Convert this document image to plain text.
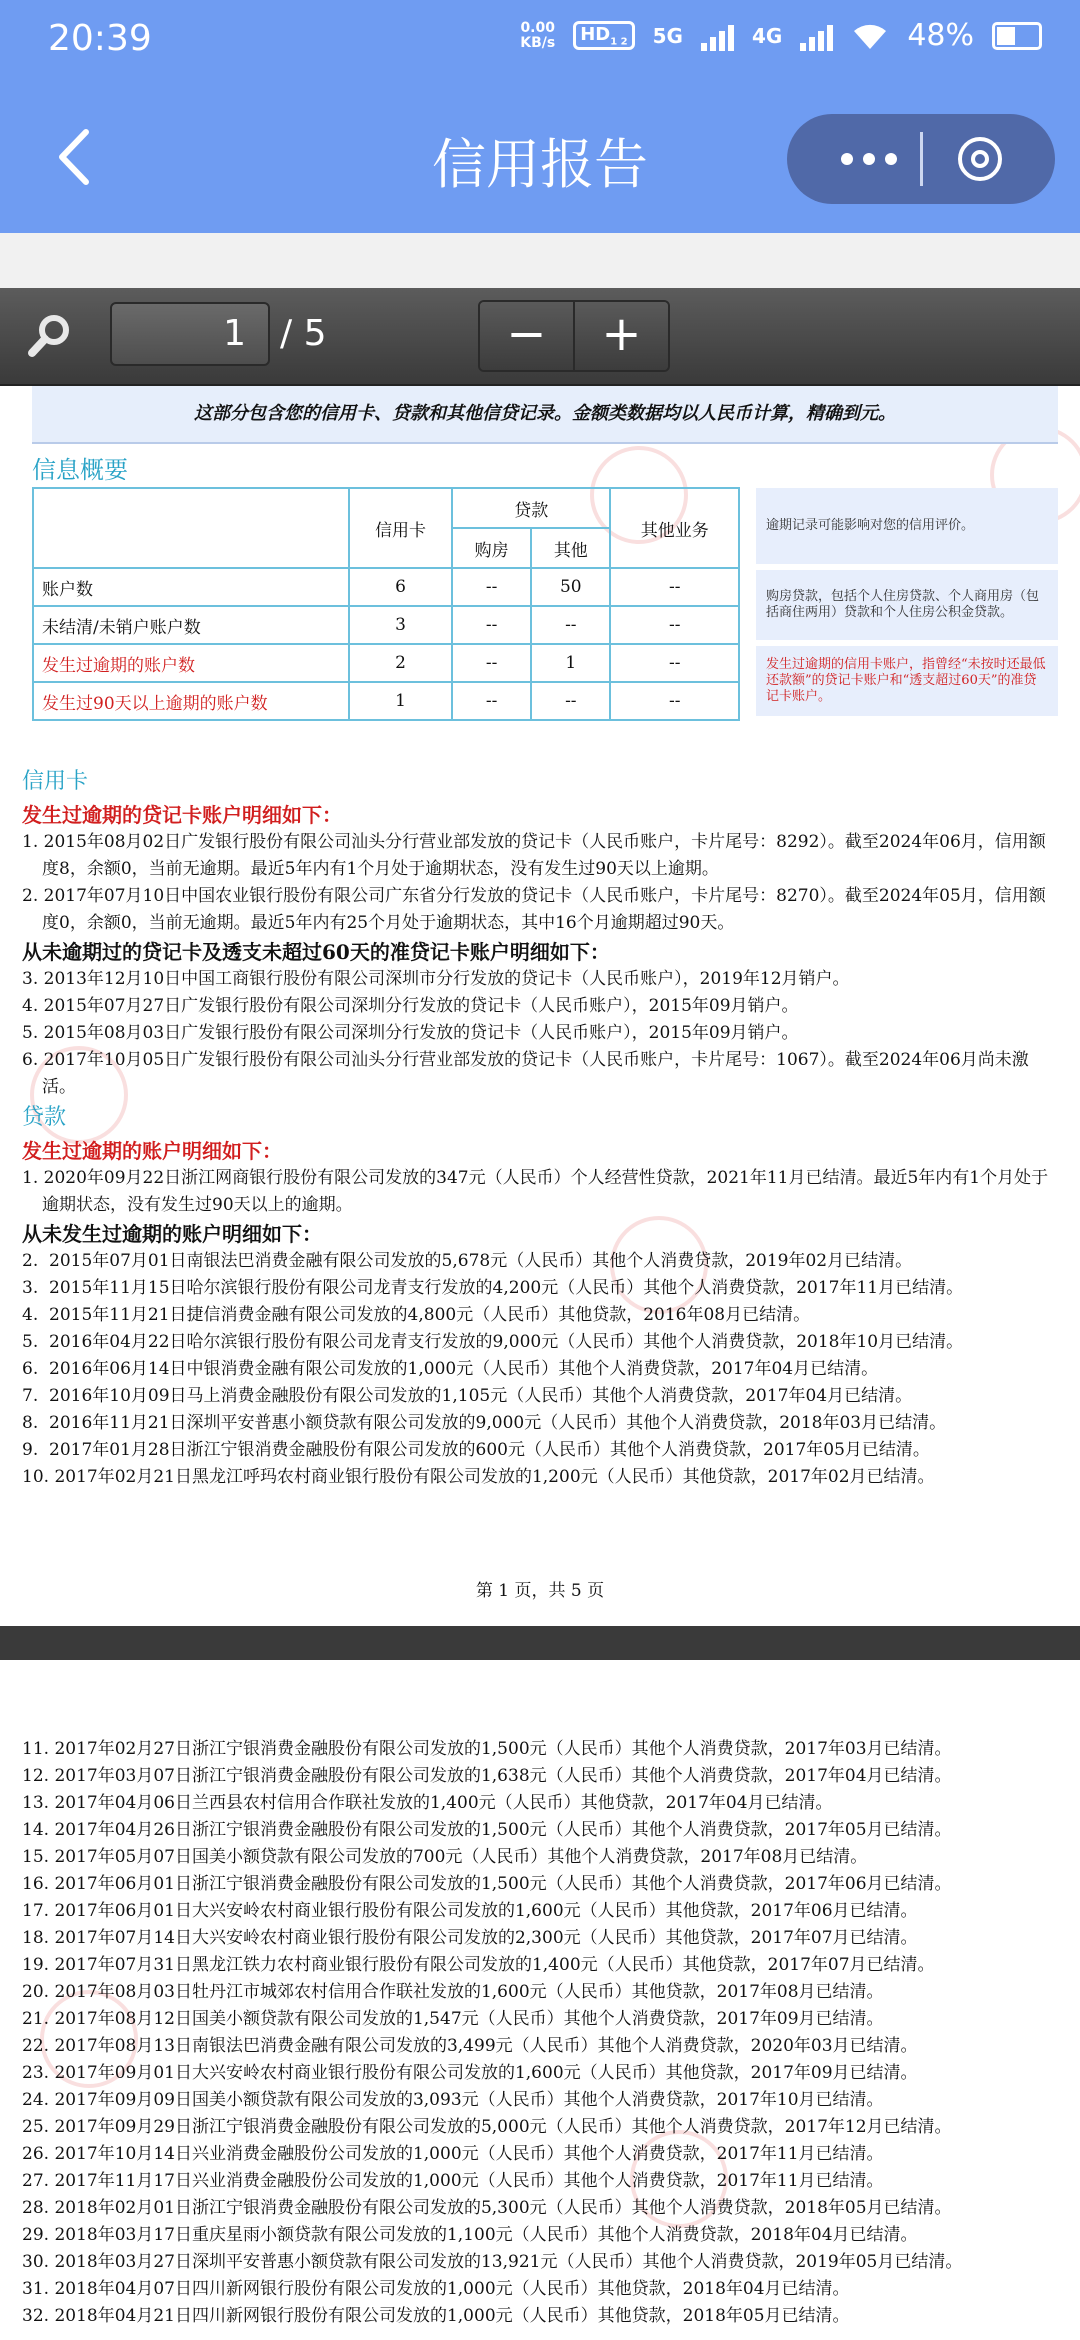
20:39	0.00
KB/s	$HD_{1 2}$	5G	4G	48%
信用报告
1 / 5	−	+
这部分包含您的信用卡、贷款和其他信贷记录。金额类数据均以人民币计算，精确到元。
信息概要
	信用卡	贷款		其他业务
		购房	其他	
账户数	6	--	50	--
未结清/未销户账户数	3	--	--	--
发生过逾期的账户数	2	--	1	--
发生过90天以上逾期的账户数	1	--	--	--
逾期记录可能影响对您的信用评价。
购房贷款，包括个人住房贷款、个人商用房（包括商住两用）贷款和个人住房公积金贷款。
发生过逾期的信用卡账户，指曾经“未按时还最低还款额”的贷记卡账户和“透支超过60天”的准贷记卡账户。
信用卡
发生过逾期的贷记卡账户明细如下：

1. 2015年08月02日广发银行股份有限公司汕头分行营业部发放的贷记卡（人民币账户，卡片尾号：8292）。截至2024年06月，信用额度8，余额0，当前无逾期。最近5年内有1个月处于逾期状态，没有发生过90天以上逾期。

2. 2017年07月10日中国农业银行股份有限公司广东省分行发放的贷记卡（人民币账户，卡片尾号：8270）。截至2024年05月，信用额度0，余额0，当前无逾期。最近5年内有25个月处于逾期状态，其中16个月逾期超过90天。

从未逾期过的贷记卡及透支未超过60天的准贷记卡账户明细如下：

3. 2013年12月10日中国工商银行股份有限公司深圳市分行发放的贷记卡（人民币账户），2019年12月销户。

4. 2015年07月27日广发银行股份有限公司深圳分行发放的贷记卡（人民币账户），2015年09月销户。

5. 2015年08月03日广发银行股份有限公司深圳分行发放的贷记卡（人民币账户），2015年09月销户。

6. 2017年10月05日广发银行股份有限公司汕头分行营业部发放的贷记卡（人民币账户，卡片尾号：1067）。截至2024年06月尚未激活。

贷款
发生过逾期的账户明细如下：

1. 2020年09月22日浙江网商银行股份有限公司发放的347元（人民币）个人经营性贷款，2021年11月已结清。最近5年内有1个月处于逾期状态，没有发生过90天以上的逾期。

从未发生过逾期的账户明细如下：

2.  2015年07月01日南银法巴消费金融有限公司发放的5,678元（人民币）其他个人消费贷款，2019年02月已结清。

3.  2015年11月15日哈尔滨银行股份有限公司龙青支行发放的4,200元（人民币）其他个人消费贷款，2017年11月已结清。

4.  2015年11月21日捷信消费金融有限公司发放的4,800元（人民币）其他贷款，2016年08月已结清。

5.  2016年04月22日哈尔滨银行股份有限公司龙青支行发放的9,000元（人民币）其他个人消费贷款，2018年10月已结清。

6.  2016年06月14日中银消费金融有限公司发放的1,000元（人民币）其他个人消费贷款，2017年04月已结清。

7.  2016年10月09日马上消费金融股份有限公司发放的1,105元（人民币）其他个人消费贷款，2017年04月已结清。

8.  2016年11月21日深圳平安普惠小额贷款有限公司发放的9,000元（人民币）其他个人消费贷款，2018年03月已结清。

9.  2017年01月28日浙江宁银消费金融股份有限公司发放的600元（人民币）其他个人消费贷款，2017年05月已结清。

10. 2017年02月21日黑龙江呼玛农村商业银行股份有限公司发放的1,200元（人民币）其他贷款，2017年02月已结清。

第 1 页，共 5 页

11. 2017年02月27日浙江宁银消费金融股份有限公司发放的1,500元（人民币）其他个人消费贷款，2017年03月已结清。

12. 2017年03月07日浙江宁银消费金融股份有限公司发放的1,638元（人民币）其他个人消费贷款，2017年04月已结清。

13. 2017年04月06日兰西县农村信用合作联社发放的1,400元（人民币）其他贷款，2017年04月已结清。

14. 2017年04月26日浙江宁银消费金融股份有限公司发放的1,500元（人民币）其他个人消费贷款，2017年05月已结清。

15. 2017年05月07日国美小额贷款有限公司发放的700元（人民币）其他个人消费贷款，2017年08月已结清。

16. 2017年06月01日浙江宁银消费金融股份有限公司发放的1,500元（人民币）其他个人消费贷款，2017年06月已结清。

17. 2017年06月01日大兴安岭农村商业银行股份有限公司发放的1,600元（人民币）其他贷款，2017年06月已结清。

18. 2017年07月14日大兴安岭农村商业银行股份有限公司发放的2,300元（人民币）其他贷款，2017年07月已结清。

19. 2017年07月31日黑龙江铁力农村商业银行股份有限公司发放的1,400元（人民币）其他贷款，2017年07月已结清。

20. 2017年08月03日牡丹江市城郊农村信用合作联社发放的1,600元（人民币）其他贷款，2017年08月已结清。

21. 2017年08月12日国美小额贷款有限公司发放的1,547元（人民币）其他个人消费贷款，2017年09月已结清。

22. 2017年08月13日南银法巴消费金融有限公司发放的3,499元（人民币）其他个人消费贷款，2020年03月已结清。

23. 2017年09月01日大兴安岭农村商业银行股份有限公司发放的1,600元（人民币）其他贷款，2017年09月已结清。

24. 2017年09月09日国美小额贷款有限公司发放的3,093元（人民币）其他个人消费贷款，2017年10月已结清。

25. 2017年09月29日浙江宁银消费金融股份有限公司发放的5,000元（人民币）其他个人消费贷款，2017年12月已结清。

26. 2017年10月14日兴业消费金融股份公司发放的1,000元（人民币）其他个人消费贷款，2017年11月已结清。

27. 2017年11月17日兴业消费金融股份公司发放的1,000元（人民币）其他个人消费贷款，2017年11月已结清。

28. 2018年02月01日浙江宁银消费金融股份有限公司发放的5,300元（人民币）其他个人消费贷款，2018年05月已结清。

29. 2018年03月17日重庆星雨小额贷款有限公司发放的1,100元（人民币）其他个人消费贷款，2018年04月已结清。

30. 2018年03月27日深圳平安普惠小额贷款有限公司发放的13,921元（人民币）其他个人消费贷款，2019年05月已结清。

31. 2018年04月07日四川新网银行股份有限公司发放的1,000元（人民币）其他贷款，2018年04月已结清。

32. 2018年04月21日四川新网银行股份有限公司发放的1,000元（人民币）其他贷款，2018年05月已结清。
